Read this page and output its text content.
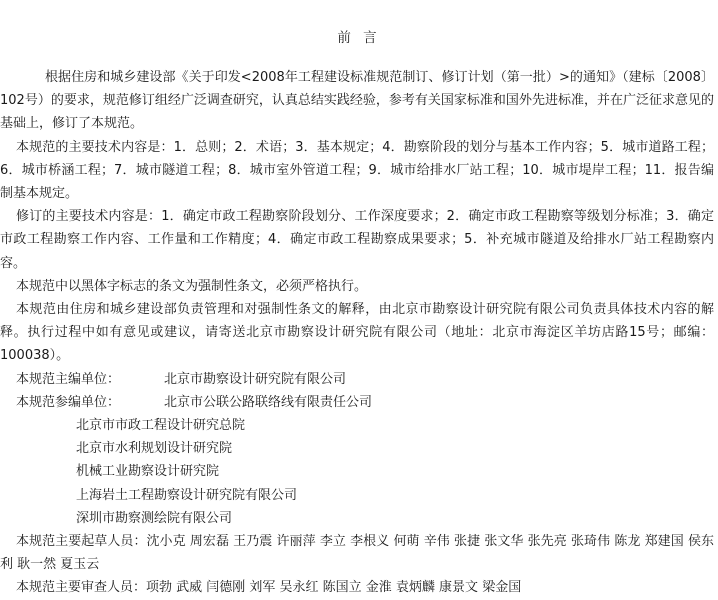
前 言

根据住房和城乡建设部《关于印发<2008年工程建设标准规范制订、修订计划（第一批）>的通知》（建标〔2008〕102号）的要求，规范修订组经广泛调查研究，认真总结实践经验，参考有关国家标准和国外先进标准，并在广泛征求意见的基础上，修订了本规范。

本规范的主要技术内容是：1．总则；2．术语；3．基本规定；4．勘察阶段的划分与基本工作内容；5．城市道路工程；6．城市桥涵工程；7．城市隧道工程；8．城市室外管道工程；9．城市给排水厂站工程；10．城市堤岸工程；11．报告编制基本规定。

修订的主要技术内容是：1．确定市政工程勘察阶段划分、工作深度要求；2．确定市政工程勘察等级划分标准；3．确定市政工程勘察工作内容、工作量和工作精度；4．确定市政工程勘察成果要求；5．补充城市隧道及给排水厂站工程勘察内容。

本规范中以黑体字标志的条文为强制性条文，必须严格执行。

本规范由住房和城乡建设部负责管理和对强制性条文的解释，由北京市勘察设计研究院有限公司负责具体技术内容的解释。执行过程中如有意见或建议，请寄送北京市勘察设计研究院有限公司（地址：北京市海淀区羊坊店路15号；邮编：100038）。

本规范主编单位：	北京市勘察设计研究院有限公司
本规范参编单位：	北京市公联公路联络线有限责任公司

北京市市政工程设计研究总院

北京市水利规划设计研究院

机械工业勘察设计研究院

上海岩土工程勘察设计研究院有限公司

深圳市勘察测绘院有限公司

本规范主要起草人员：沈小克 周宏磊 王乃震 许丽萍 李立 李根义 何萌 辛伟 张捷 张文华 张先亮 张琦伟 陈龙 郑建国 侯东利 耿一然 夏玉云

本规范主要审查人员：项勃 武威 闫德刚 刘军 吴永红 陈国立 金淮 袁炳麟 康景文 梁金国
